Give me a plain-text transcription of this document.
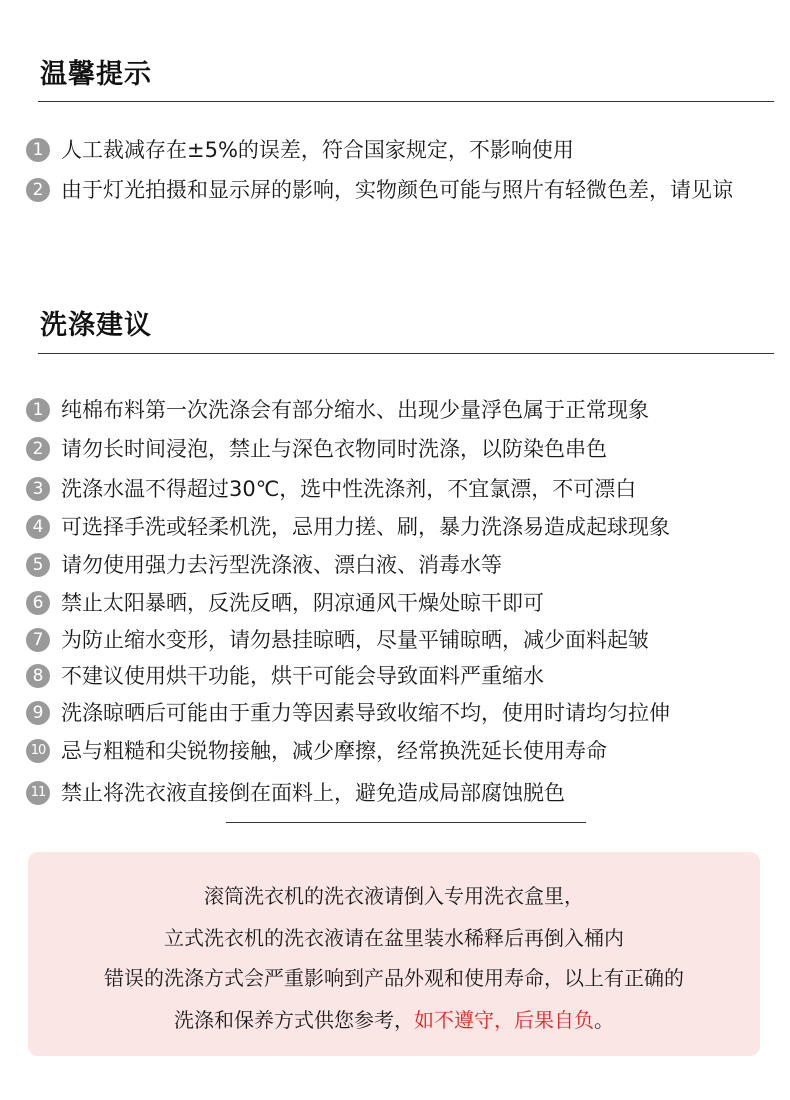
温馨提示
1 人工裁减存在±5%的误差，符合国家规定，不影响使用
2 由于灯光拍摄和显示屏的影响，实物颜色可能与照片有轻微色差，请见谅
洗涤建议
1 纯棉布料第一次洗涤会有部分缩水、出现少量浮色属于正常现象
2 请勿长时间浸泡，禁止与深色衣物同时洗涤，以防染色串色
3 洗涤水温不得超过30℃，选中性洗涤剂，不宜氯漂，不可漂白
4 可选择手洗或轻柔机洗，忌用力搓、刷，暴力洗涤易造成起球现象
5 请勿使用强力去污型洗涤液、漂白液、消毒水等
6 禁止太阳暴晒，反洗反晒，阴凉通风干燥处晾干即可
7 为防止缩水变形，请勿悬挂晾晒，尽量平铺晾晒，减少面料起皱
8 不建议使用烘干功能，烘干可能会导致面料严重缩水
9 洗涤晾晒后可能由于重力等因素导致收缩不均，使用时请均匀拉伸
10 忌与粗糙和尖锐物接触，减少摩擦，经常换洗延长使用寿命
11 禁止将洗衣液直接倒在面料上，避免造成局部腐蚀脱色
滚筒洗衣机的洗衣液请倒入专用洗衣盒里，
立式洗衣机的洗衣液请在盆里装水稀释后再倒入桶内
错误的洗涤方式会严重影响到产品外观和使用寿命，以上有正确的
洗涤和保养方式供您参考，如不遵守，后果自负。
